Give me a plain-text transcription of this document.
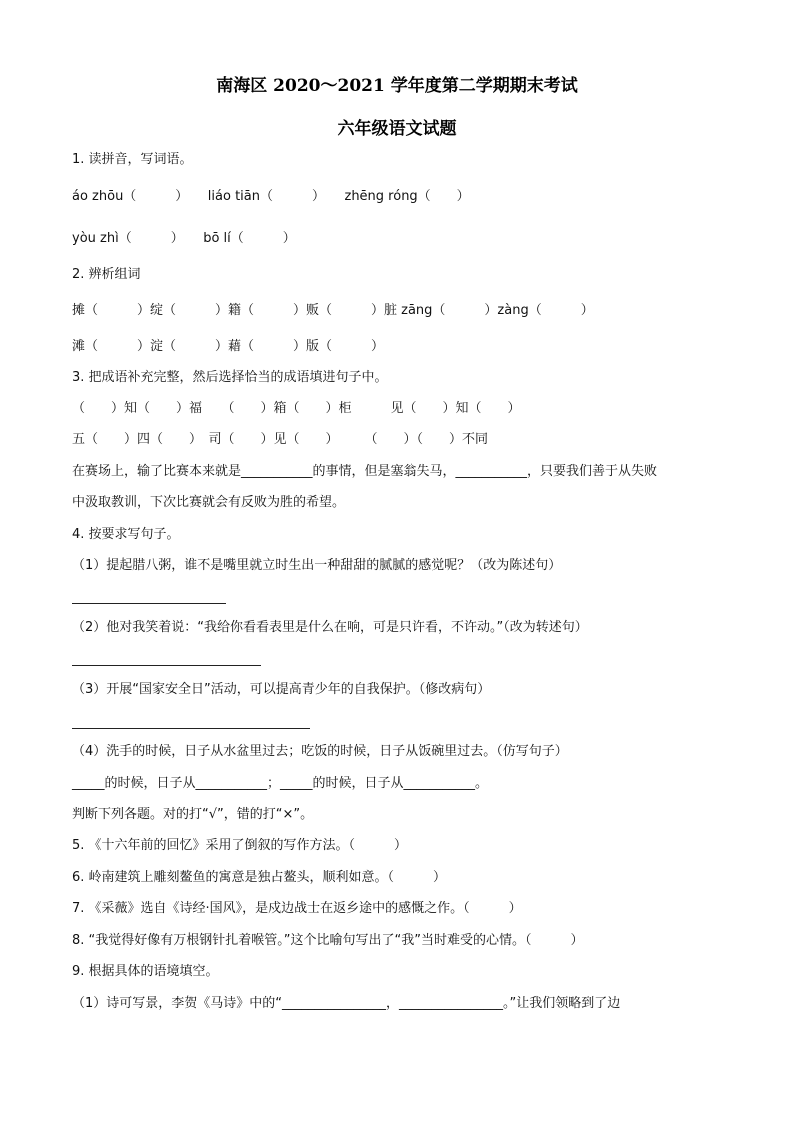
南海区 2020～2021 学年度第二学期期末考试
六年级语文试题
1. 读拼音，写词语。
áo zhōu（　　　）　　liáo tiān（　　　）　　zhēng róng（　　）
yòu zhì（　　　）　　bō lí（　　　）
2. 辨析组词
摊（　　　）绽（　　　）籍（　　　）贩（　　　）脏 zāng（　　　）zàng（　　　）
滩（　　　）淀（　　　）藉（　　　）版（　　　）
3. 把成语补充完整，然后选择恰当的成语填进句子中。
（　　）知（　　）福　　（　　）箱（　　）柜　　　见（　　）知（　　）
五（　　）四（　　）　司（　　）见（　　）　　　（　　）（　　）不同
在赛场上，输了比赛本来就是___________的事情，但是塞翁失马，___________，只要我们善于从失败
中汲取教训，下次比赛就会有反败为胜的希望。
4. 按要求写句子。
（1）提起腊八粥，谁不是嘴里就立时生出一种甜甜的腻腻的感觉呢？（改为陈述句）
（2）他对我笑着说：“我给你看看表里是什么在响，可是只许看，不许动。”（改为转述句）
（3）开展“国家安全日”活动，可以提高青少年的自我保护。（修改病句）
（4）洗手的时候，日子从水盆里过去；吃饭的时候，日子从饭碗里过去。（仿写句子）
_____的时候，日子从___________；_____的时候，日子从___________。
判断下列各题。对的打“√”，错的打“×”。
5. 《十六年前的回忆》采用了倒叙的写作方法。（　　　）
6. 岭南建筑上雕刻鳌鱼的寓意是独占鳌头，顺利如意。（　　　）
7. 《采薇》选自《诗经·国风》，是戍边战士在返乡途中的感慨之作。（　　　）
8. “我觉得好像有万根钢针扎着喉管。”这个比喻句写出了“我”当时难受的心情。（　　　）
9. 根据具体的语境填空。
（1）诗可写景，李贺《马诗》中的“________________，________________。”让我们领略到了边
